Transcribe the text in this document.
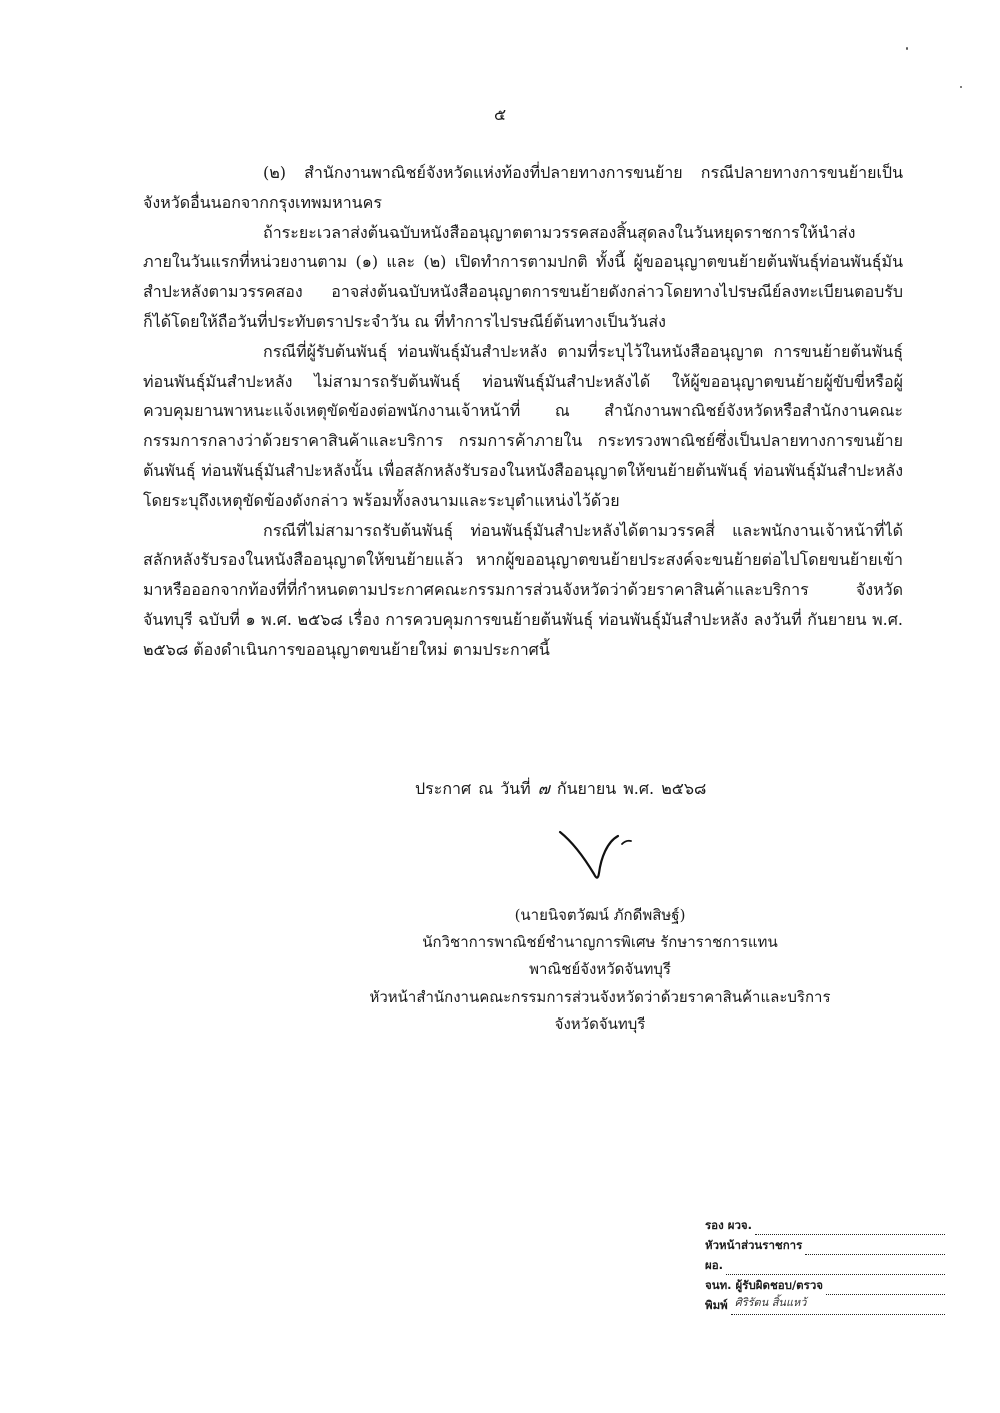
๕

(๒) สำนักงานพาณิชย์จังหวัดแห่งท้องที่ปลายทางการขนย้าย กรณีปลายทางการขนย้ายเป็นจังหวัดอื่นนอกจากกรุงเทพมหานคร

ถ้าระยะเวลาส่งต้นฉบับหนังสืออนุญาตตามวรรคสองสิ้นสุดลงในวันหยุดราชการให้นำส่งภายในวันแรกที่หน่วยงานตาม (๑) และ (๒) เปิดทำการตามปกติ ทั้งนี้ ผู้ขออนุญาตขนย้ายต้นพันธุ์ท่อนพันธุ์มันสำปะหลังตามวรรคสอง อาจส่งต้นฉบับหนังสืออนุญาตการขนย้ายดังกล่าวโดยทางไปรษณีย์ลงทะเบียนตอบรับก็ได้โดยให้ถือวันที่ประทับตราประจำวัน ณ ที่ทำการไปรษณีย์ต้นทางเป็นวันส่ง

กรณีที่ผู้รับต้นพันธุ์ ท่อนพันธุ์มันสำปะหลัง ตามที่ระบุไว้ในหนังสืออนุญาต การขนย้ายต้นพันธุ์ ท่อนพันธุ์มันสำปะหลัง ไม่สามารถรับต้นพันธุ์ ท่อนพันธุ์มันสำปะหลังได้ ให้ผู้ขออนุญาตขนย้ายผู้ขับขี่หรือผู้ควบคุมยานพาหนะแจ้งเหตุขัดข้องต่อพนักงานเจ้าหน้าที่ ณ สำนักงานพาณิชย์จังหวัดหรือสำนักงานคณะกรรมการกลางว่าด้วยราคาสินค้าและบริการ กรมการค้าภายใน กระทรวงพาณิชย์ซึ่งเป็นปลายทางการขนย้ายต้นพันธุ์ ท่อนพันธุ์มันสำปะหลังนั้น เพื่อสลักหลังรับรองในหนังสืออนุญาตให้ขนย้ายต้นพันธุ์ ท่อนพันธุ์มันสำปะหลัง โดยระบุถึงเหตุขัดข้องดังกล่าว พร้อมทั้งลงนามและระบุตำแหน่งไว้ด้วย

กรณีที่ไม่สามารถรับต้นพันธุ์ ท่อนพันธุ์มันสำปะหลังได้ตามวรรคสี่ และพนักงานเจ้าหน้าที่ได้สลักหลังรับรองในหนังสืออนุญาตให้ขนย้ายแล้ว หากผู้ขออนุญาตขนย้ายประสงค์จะขนย้ายต่อไปโดยขนย้ายเข้ามาหรือออกจากท้องที่ที่กำหนดตามประกาศคณะกรรมการส่วนจังหวัดว่าด้วยราคาสินค้าและบริการ จังหวัดจันทบุรี ฉบับที่ ๑ พ.ศ. ๒๕๖๘ เรื่อง การควบคุมการขนย้ายต้นพันธุ์ ท่อนพันธุ์มันสำปะหลัง ลงวันที่ กันยายน พ.ศ. ๒๕๖๘ ต้องดำเนินการขออนุญาตขนย้ายใหม่ ตามประกาศนี้

ประกาศ ณ วันที่ ๗ กันยายน พ.ศ. ๒๕๖๘
(นายนิจตวัฒน์ ภักดีพสิษฐ์)
นักวิชาการพาณิชย์ชำนาญการพิเศษ รักษาราชการแทน
พาณิชย์จังหวัดจันทบุรี
หัวหน้าสำนักงานคณะกรรมการส่วนจังหวัดว่าด้วยราคาสินค้าและบริการ
จังหวัดจันทบุรี
รอง ผวจ.
หัวหน้าส่วนราชการ
ผอ.
จนท. ผู้รับผิดชอบ/ตรวจ
พิมพ์ ศิริรัตน สิ้นแหว้
